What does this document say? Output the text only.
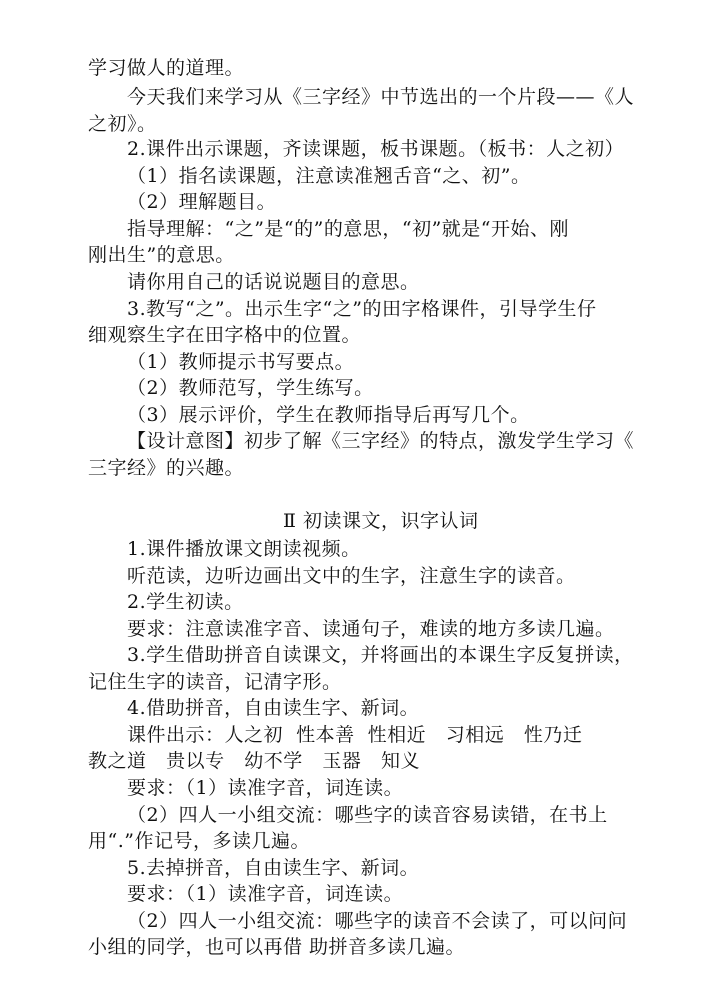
学习做人的道理。
今天我们来学习从《三字经》中节选出的一个片段——《人
之初》。
2.课件出示课题，齐读课题，板书课题。（板书：人之初）
（1）指名读课题，注意读准翘舌音“之、初”。
（2）理解题目。
指导理解：“之”是“的”的意思，“初”就是“开始、刚
刚出生”的意思。
请你用自己的话说说题目的意思。
3.教写“之”。出示生字“之”的田字格课件，引导学生仔
细观察生字在田字格中的位置。
（1）教师提示书写要点。
（2）教师范写，学生练写。
（3）展示评价，学生在教师指导后再写几个。
【设计意图】初步了解《三字经》的特点，激发学生学习《
三字经》的兴趣。
Ⅱ 初读课文，识字认词
1.课件播放课文朗读视频。
听范读，边听边画出文中的生字，注意生字的读音。
2.学生初读。
要求：注意读准字音、读通句子，难读的地方多读几遍。
3.学生借助拼音自读课文，并将画出的本课生字反复拼读，
记住生字的读音，记清字形。
4.借助拼音，自由读生字、新词。
课件出示：人之初  性本善  性相近   习相远   性乃迁
教之道   贵以专   幼不学   玉器   知义
要求：（1）读准字音，词连读。
（2）四人一小组交流：哪些字的读音容易读错，在书上
用“.”作记号，多读几遍。
5.去掉拼音，自由读生字、新词。
要求：（1）读准字音，词连读。
（2）四人一小组交流：哪些字的读音不会读了，可以问问
小组的同学，也可以再借 助拼音多读几遍。
